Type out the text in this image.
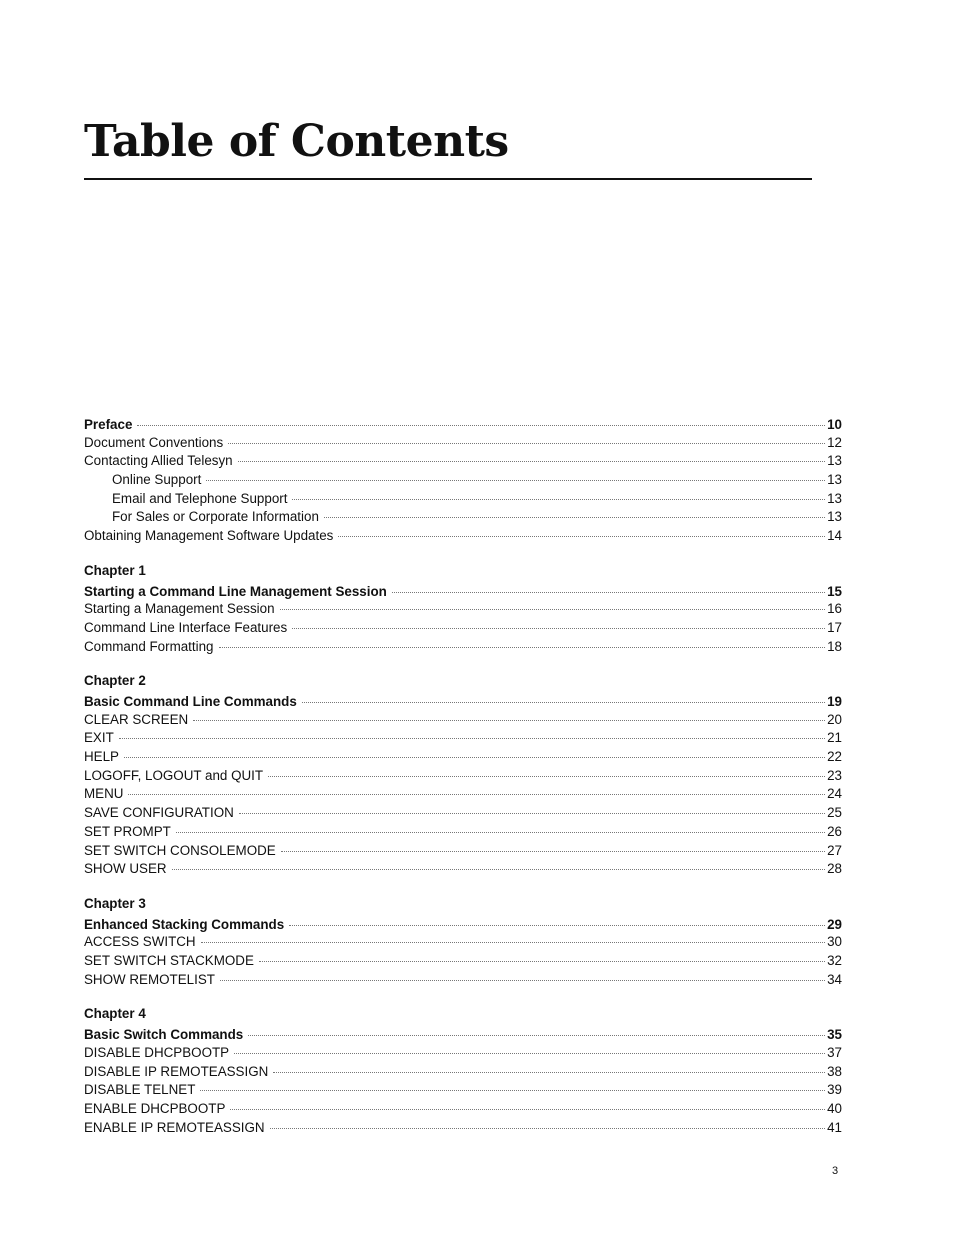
Table of Contents
Preface	10
Document Conventions	12
Contacting Allied Telesyn	13
Online Support	13
Email and Telephone Support	13
For Sales or Corporate Information	13
Obtaining Management Software Updates	14
Chapter 1
Starting a Command Line Management Session	15
Starting a Management Session	16
Command Line Interface Features	17
Command Formatting	18
Chapter 2
Basic Command Line Commands	19
CLEAR SCREEN	20
EXIT	21
HELP	22
LOGOFF, LOGOUT and QUIT	23
MENU	24
SAVE CONFIGURATION	25
SET PROMPT	26
SET SWITCH CONSOLEMODE	27
SHOW USER	28
Chapter 3
Enhanced Stacking Commands	29
ACCESS SWITCH	30
SET SWITCH STACKMODE	32
SHOW REMOTELIST	34
Chapter 4
Basic Switch Commands	35
DISABLE DHCPBOOTP	37
DISABLE IP REMOTEASSIGN	38
DISABLE TELNET	39
ENABLE DHCPBOOTP	40
ENABLE IP REMOTEASSIGN	41
3
